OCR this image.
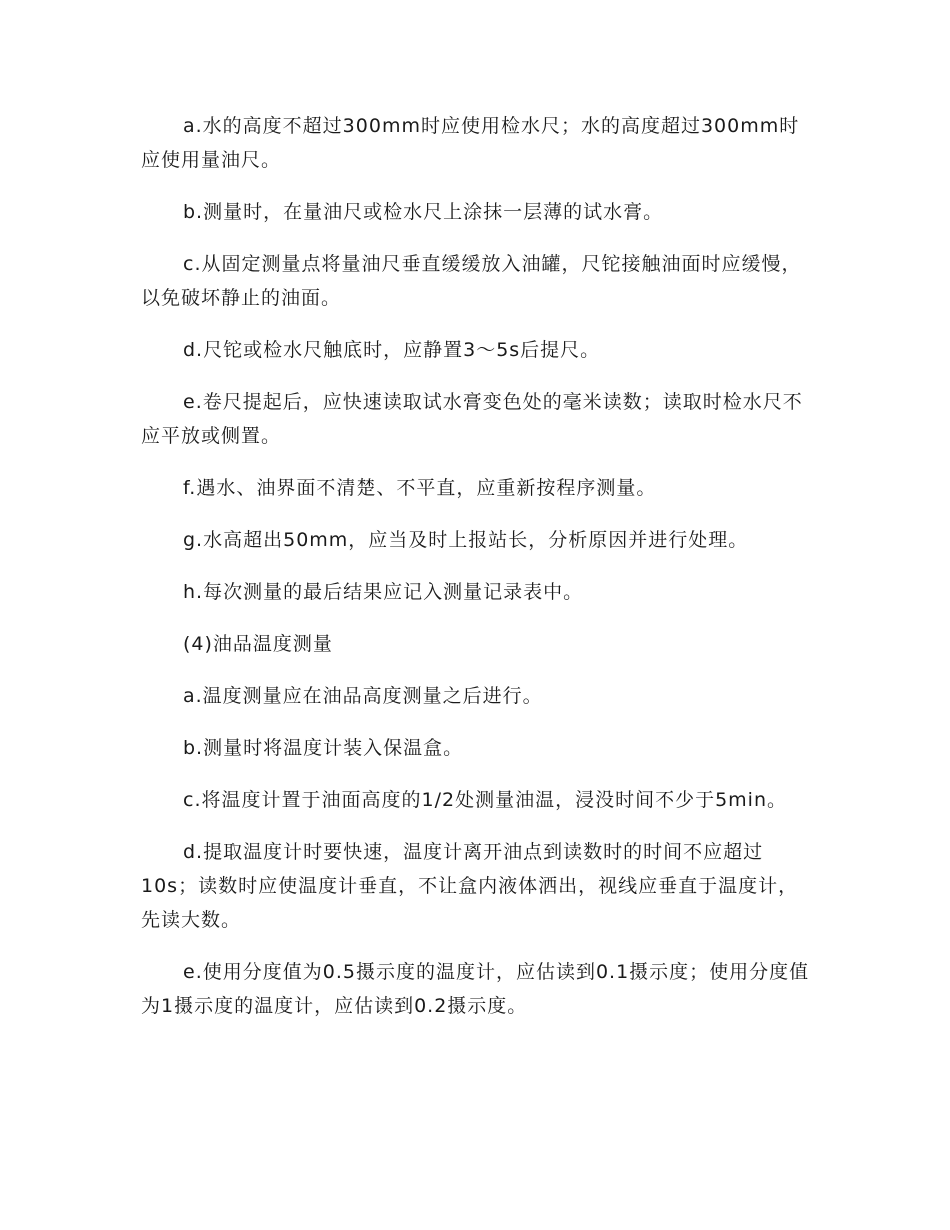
a.水的高度不超过300mm时应使用检水尺；水的高度超过300mm时应使用量油尺。

b.测量时，在量油尺或检水尺上涂抹一层薄的试水膏。

c.从固定测量点将量油尺垂直缓缓放入油罐，尺铊接触油面时应缓慢，以免破坏静止的油面。

d.尺铊或检水尺触底时，应静置3～5s后提尺。

e.卷尺提起后，应快速读取试水膏变色处的毫米读数；读取时检水尺不应平放或侧置。

f.遇水、油界面不清楚、不平直，应重新按程序测量。

g.水高超出50mm，应当及时上报站长，分析原因并进行处理。

h.每次测量的最后结果应记入测量记录表中。

(4)油品温度测量

a.温度测量应在油品高度测量之后进行。

b.测量时将温度计装入保温盒。

c.将温度计置于油面高度的1/2处测量油温，浸没时间不少于5min。

d.提取温度计时要快速，温度计离开油点到读数时的时间不应超过10s；读数时应使温度计垂直，不让盒内液体洒出，视线应垂直于温度计，先读大数。

e.使用分度值为0.5摄示度的温度计，应估读到0.1摄示度；使用分度值为1摄示度的温度计，应估读到0.2摄示度。
